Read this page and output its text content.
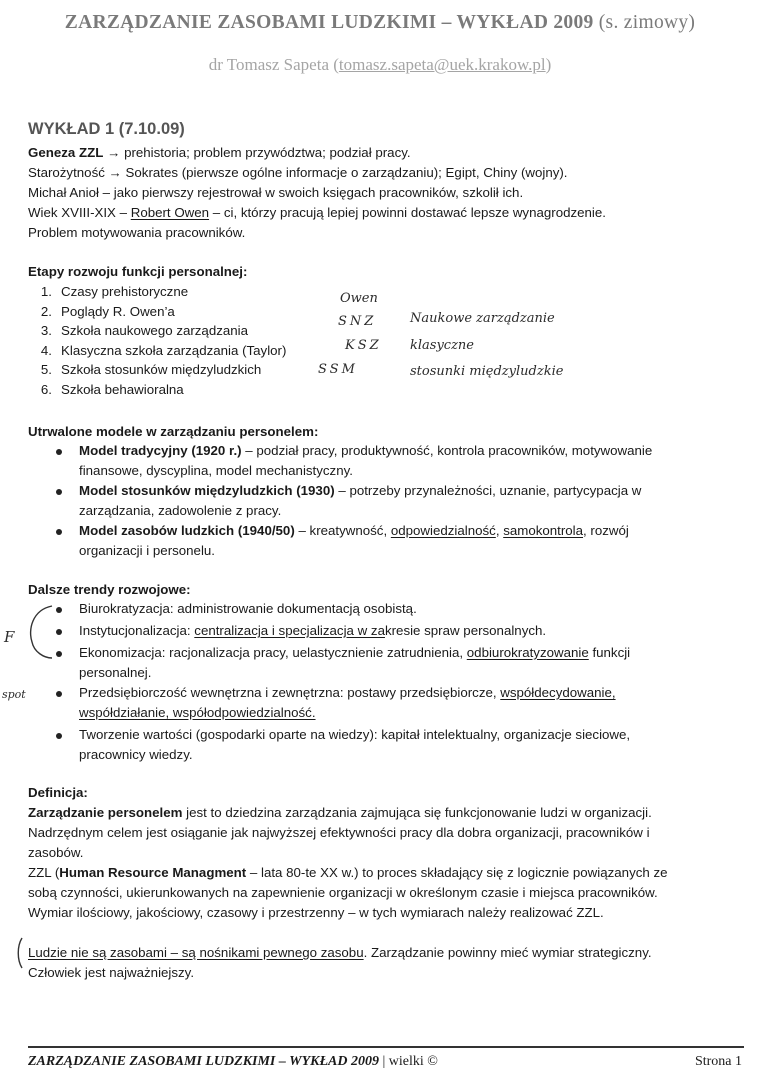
ZARZĄDZANIE ZASOBAMI LUDZKIMI – WYKŁAD 2009 (s. zimowy)
dr Tomasz Sapeta (tomasz.sapeta@uek.krakow.pl)
WYKŁAD 1 (7.10.09)
Geneza ZZL → prehistoria; problem przywództwa; podział pracy.
Starożytność → Sokrates (pierwsze ogólne informacje o zarządzaniu); Egipt, Chiny (wojny).
Michał Anioł – jako pierwszy rejestrował w swoich księgach pracowników, szkolił ich.
Wiek XVIII-XIX – Robert Owen – ci, którzy pracują lepiej powinni dostawać lepsze wynagrodzenie.
Problem motywowania pracowników.
Etapy rozwoju funkcji personalnej:
1. Czasy prehistoryczne
2. Poglądy R. Owen’a
3. Szkoła naukowego zarządzania
4. Klasyczna szkoła zarządzania (Taylor)
5. Szkoła stosunków międzyludzkich
6. Szkoła behawioralna
Owen
SNZ	Naukowe zarządzanie
KSZ klasyczne
SSM	stosunki międzyludzkie
Utrwalone modele w zarządzaniu personelem:
Model tradycyjny (1920 r.) – podział pracy, produktywność, kontrola pracowników, motywowanie
finansowe, dyscyplina, model mechanistyczny.
Model stosunków międzyludzkich (1930) – potrzeby przynależności, uznanie, partycypacja w
zarządzania, zadowolenie z pracy.
Model zasobów ludzkich (1940/50) – kreatywność, odpowiedzialność, samokontrola, rozwój
organizacji i personelu.
Dalsze trendy rozwojowe:
F
spot
Biurokratyzacja: administrowanie dokumentacją osobistą.
Instytucjonalizacja: centralizacja i specjalizacja w zakresie spraw personalnych.
Ekonomizacja: racjonalizacja pracy, uelastycznienie zatrudnienia, odbiurokratyzowanie funkcji
personalnej.
Przedsiębiorczość wewnętrzna i zewnętrzna: postawy przedsiębiorcze, współdecydowanie,
współdziałanie, współodpowiedzialność.
Tworzenie wartości (gospodarki oparte na wiedzy): kapitał intelektualny, organizacje sieciowe,
pracownicy wiedzy.
Definicja:
Zarządzanie personelem jest to dziedzina zarządzania zajmująca się funkcjonowanie ludzi w organizacji.
Nadrzędnym celem jest osiąganie jak najwyższej efektywności pracy dla dobra organizacji, pracowników i
zasobów.
ZZL (Human Resource Managment – lata 80-te XX w.) to proces składający się z logicznie powiązanych ze
sobą czynności, ukierunkowanych na zapewnienie organizacji w określonym czasie i miejsca pracowników.
Wymiar ilościowy, jakościowy, czasowy i przestrzenny – w tych wymiarach należy realizować ZZL.
Ludzie nie są zasobami – są nośnikami pewnego zasobu. Zarządzanie powinny mieć wymiar strategiczny.
Człowiek jest najważniejszy.
ZARZĄDZANIE ZASOBAMI LUDZKIMI – WYKŁAD 2009 | wielki ©	Strona 1
